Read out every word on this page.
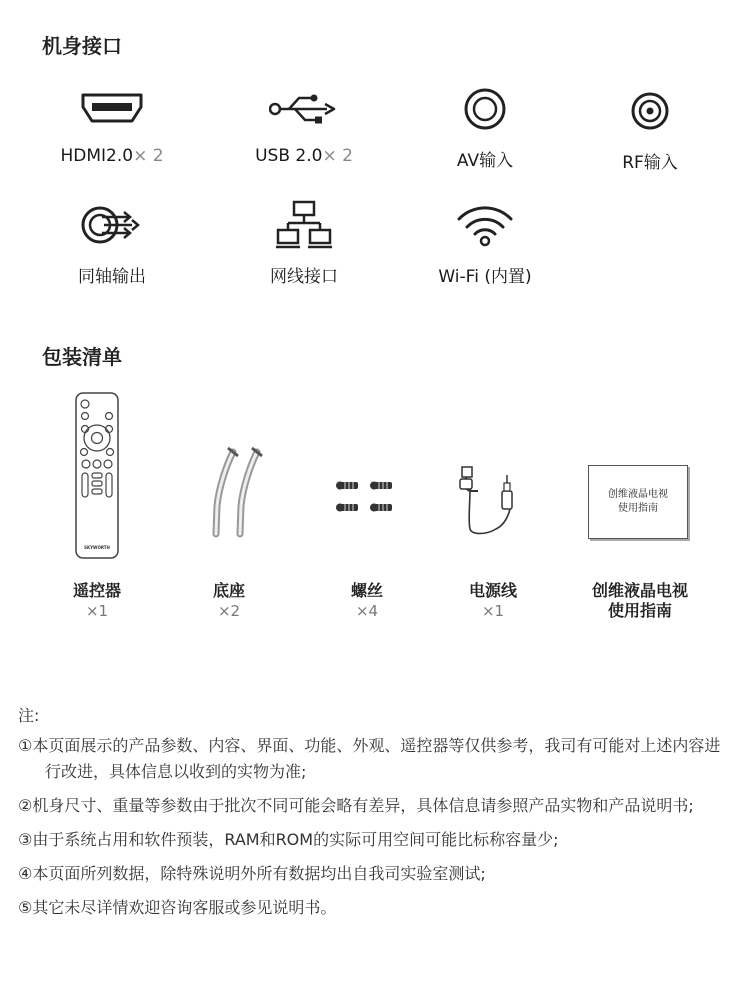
机身接口
HDMI2.0× 2	USB 2.0× 2	AV输入	RF输入
同轴输出	网线接口	Wi-Fi (内置)
包装清单
SKYWORTH
创维液晶电视
使用指南
遥控器
×1
底座
×2
螺丝
×4
电源线
×1
创维液晶电视
使用指南
注:
①本页面展示的产品参数、内容、界面、功能、外观、遥控器等仅供参考，我司有可能对上述内容进行改进，具体信息以收到的实物为准;
②机身尺寸、重量等参数由于批次不同可能会略有差异，具体信息请参照产品实物和产品说明书;
③由于系统占用和软件预装，RAM和ROM的实际可用空间可能比标称容量少;
④本页面所列数据，除特殊说明外所有数据均出自我司实验室测试;
⑤其它未尽详情欢迎咨询客服或参见说明书。
